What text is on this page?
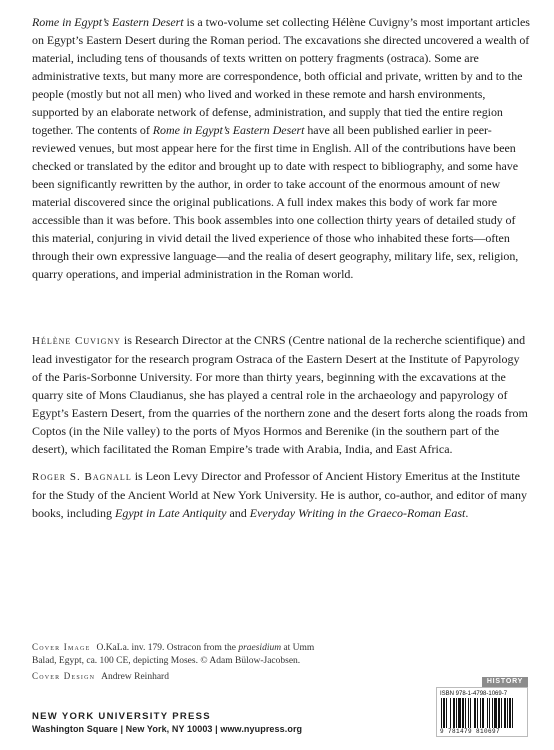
Rome in Egypt’s Eastern Desert is a two-volume set collecting Hélène Cuvigny’s most important articles on Egypt’s Eastern Desert during the Roman period. The excavations she directed uncovered a wealth of material, including tens of thousands of texts written on pottery fragments (ostraca). Some are administrative texts, but many more are correspondence, both official and private, written by and to the people (mostly but not all men) who lived and worked in these remote and harsh environments, supported by an elaborate network of defense, administration, and supply that tied the entire region together. The contents of Rome in Egypt’s Eastern Desert have all been published earlier in peer-reviewed venues, but most appear here for the first time in English. All of the contributions have been checked or translated by the editor and brought up to date with respect to bibliography, and some have been significantly rewritten by the author, in order to take account of the enormous amount of new material discovered since the original publications. A full index makes this body of work far more accessible than it was before. This book assembles into one collection thirty years of detailed study of this material, conjuring in vivid detail the lived experience of those who inhabited these forts—often through their own expressive language—and the realia of desert geography, military life, sex, religion, quarry operations, and imperial administration in the Roman world.

Hélène Cuvigny is Research Director at the CNRS (Centre national de la recherche scientifique) and lead investigator for the research program Ostraca of the Eastern Desert at the Institute of Papyrology of the Paris-Sorbonne University. For more than thirty years, beginning with the excavations at the quarry site of Mons Claudianus, she has played a central role in the archaeology and papyrology of Egypt’s Eastern Desert, from the quarries of the northern zone and the desert forts along the roads from Coptos (in the Nile valley) to the ports of Myos Hormos and Berenike (in the southern part of the desert), which facilitated the Roman Empire’s trade with Arabia, India, and East Africa.

Roger S. Bagnall is Leon Levy Director and Professor of Ancient History Emeritus at the Institute for the Study of the Ancient World at New York University. He is author, co-author, and editor of many books, including Egypt in Late Antiquity and Everyday Writing in the Graeco-Roman East.

Cover Image O.KaLa. inv. 179. Ostracon from the praesidium at Umm Balad, Egypt, ca. 100 CE, depicting Moses. © Adam Bülow-Jacobsen.

Cover Design Andrew Reinhard

NEW YORK UNIVERSITY PRESS
Washington Square | New York, NY 10003 | www.nyupress.org
HISTORY
ISBN 978-1-4798-1069-7
9 781479 810697
